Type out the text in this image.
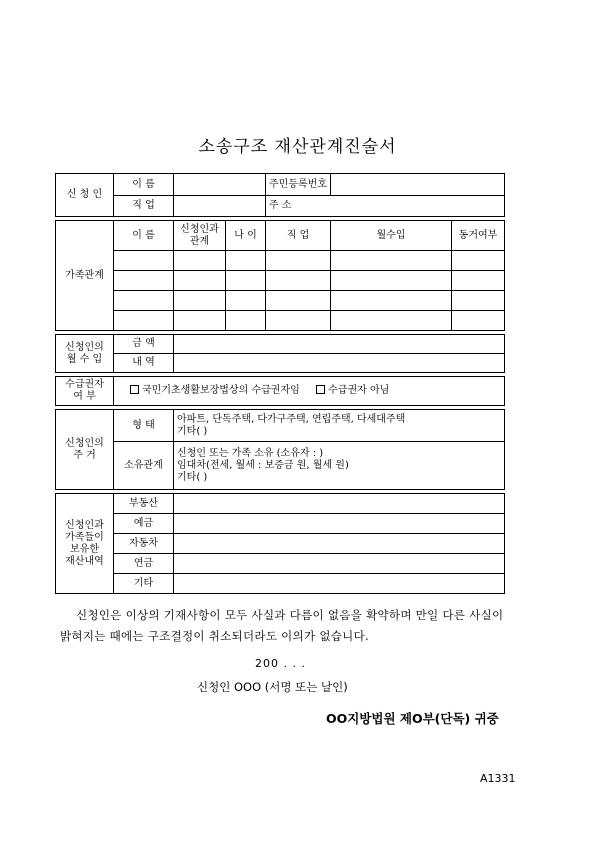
소송구조 재산관계진술서
신 청 인	이 름			주민등록번호		
	직 업			주 소		

가족관계	이 름	신청인과 관계	나 이	직 업	월수입	동거여부

신청인의 월 수 입	금 액					
	내 역					

수급권자 여 부	국민기초생활보장법상의 수급권자임 수급권자 아님					

신청인의 주 거	형 태	아파트, 단독주택, 다가구주택, 연립주택, 다세대주택
기타( )				

	소유관계	신청인 또는 가족 소유 (소유자 : )
임대차(전세, 월세 : 보증금 원, 월세 원)
기타( )				

신청인과 가족들이 보유한 재산내역	부동산					
	예금					
	자동차					
	연금					
	기타					
신청인은 이상의 기재사항이 모두 사실과 다름이 없음을 확약하며 만일 다른 사실이 밝혀지는 때에는 구조결정이 취소되더라도 이의가 없습니다.
200 . . .
신청인 OOO (서명 또는 날인)
OO지방법원 제O부(단독) 귀중
A1331
